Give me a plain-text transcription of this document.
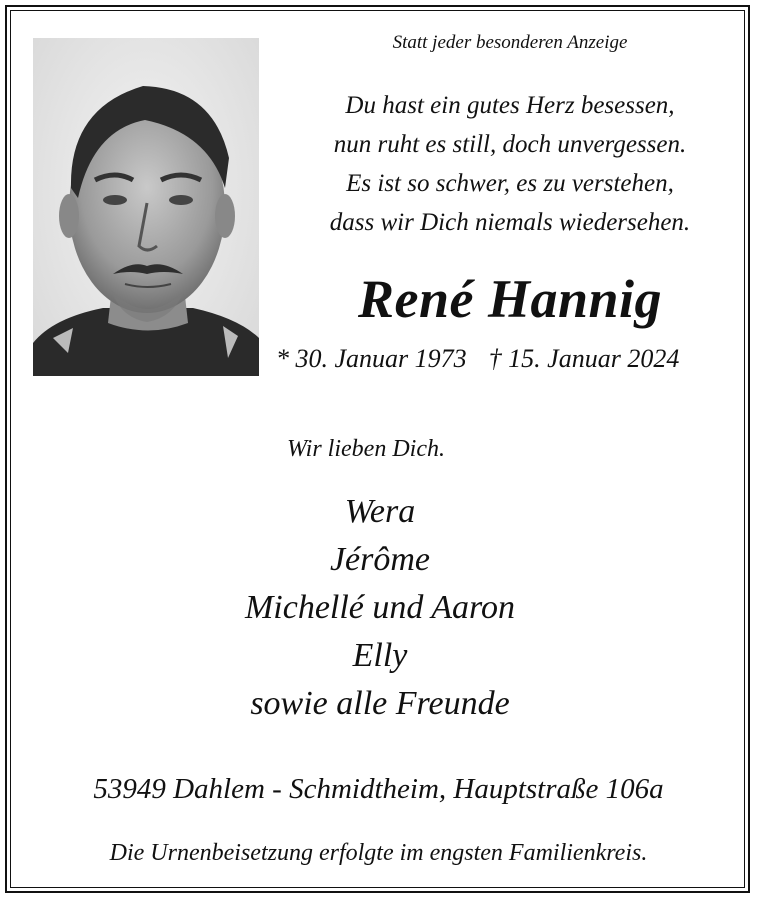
Statt jeder besonderen Anzeige
Du hast ein gutes Herz besessen,
nun ruht es still, doch unvergessen.
Es ist so schwer, es zu verstehen,
dass wir Dich niemals wiedersehen.
René Hannig
* 30. Januar 1973 † 15. Januar 2024
Wir lieben Dich.
Wera
Jérôme
Michellé und Aaron
Elly
sowie alle Freunde
53949 Dahlem - Schmidtheim, Hauptstraße 106a
Die Urnenbeisetzung erfolgte im engsten Familienkreis.
